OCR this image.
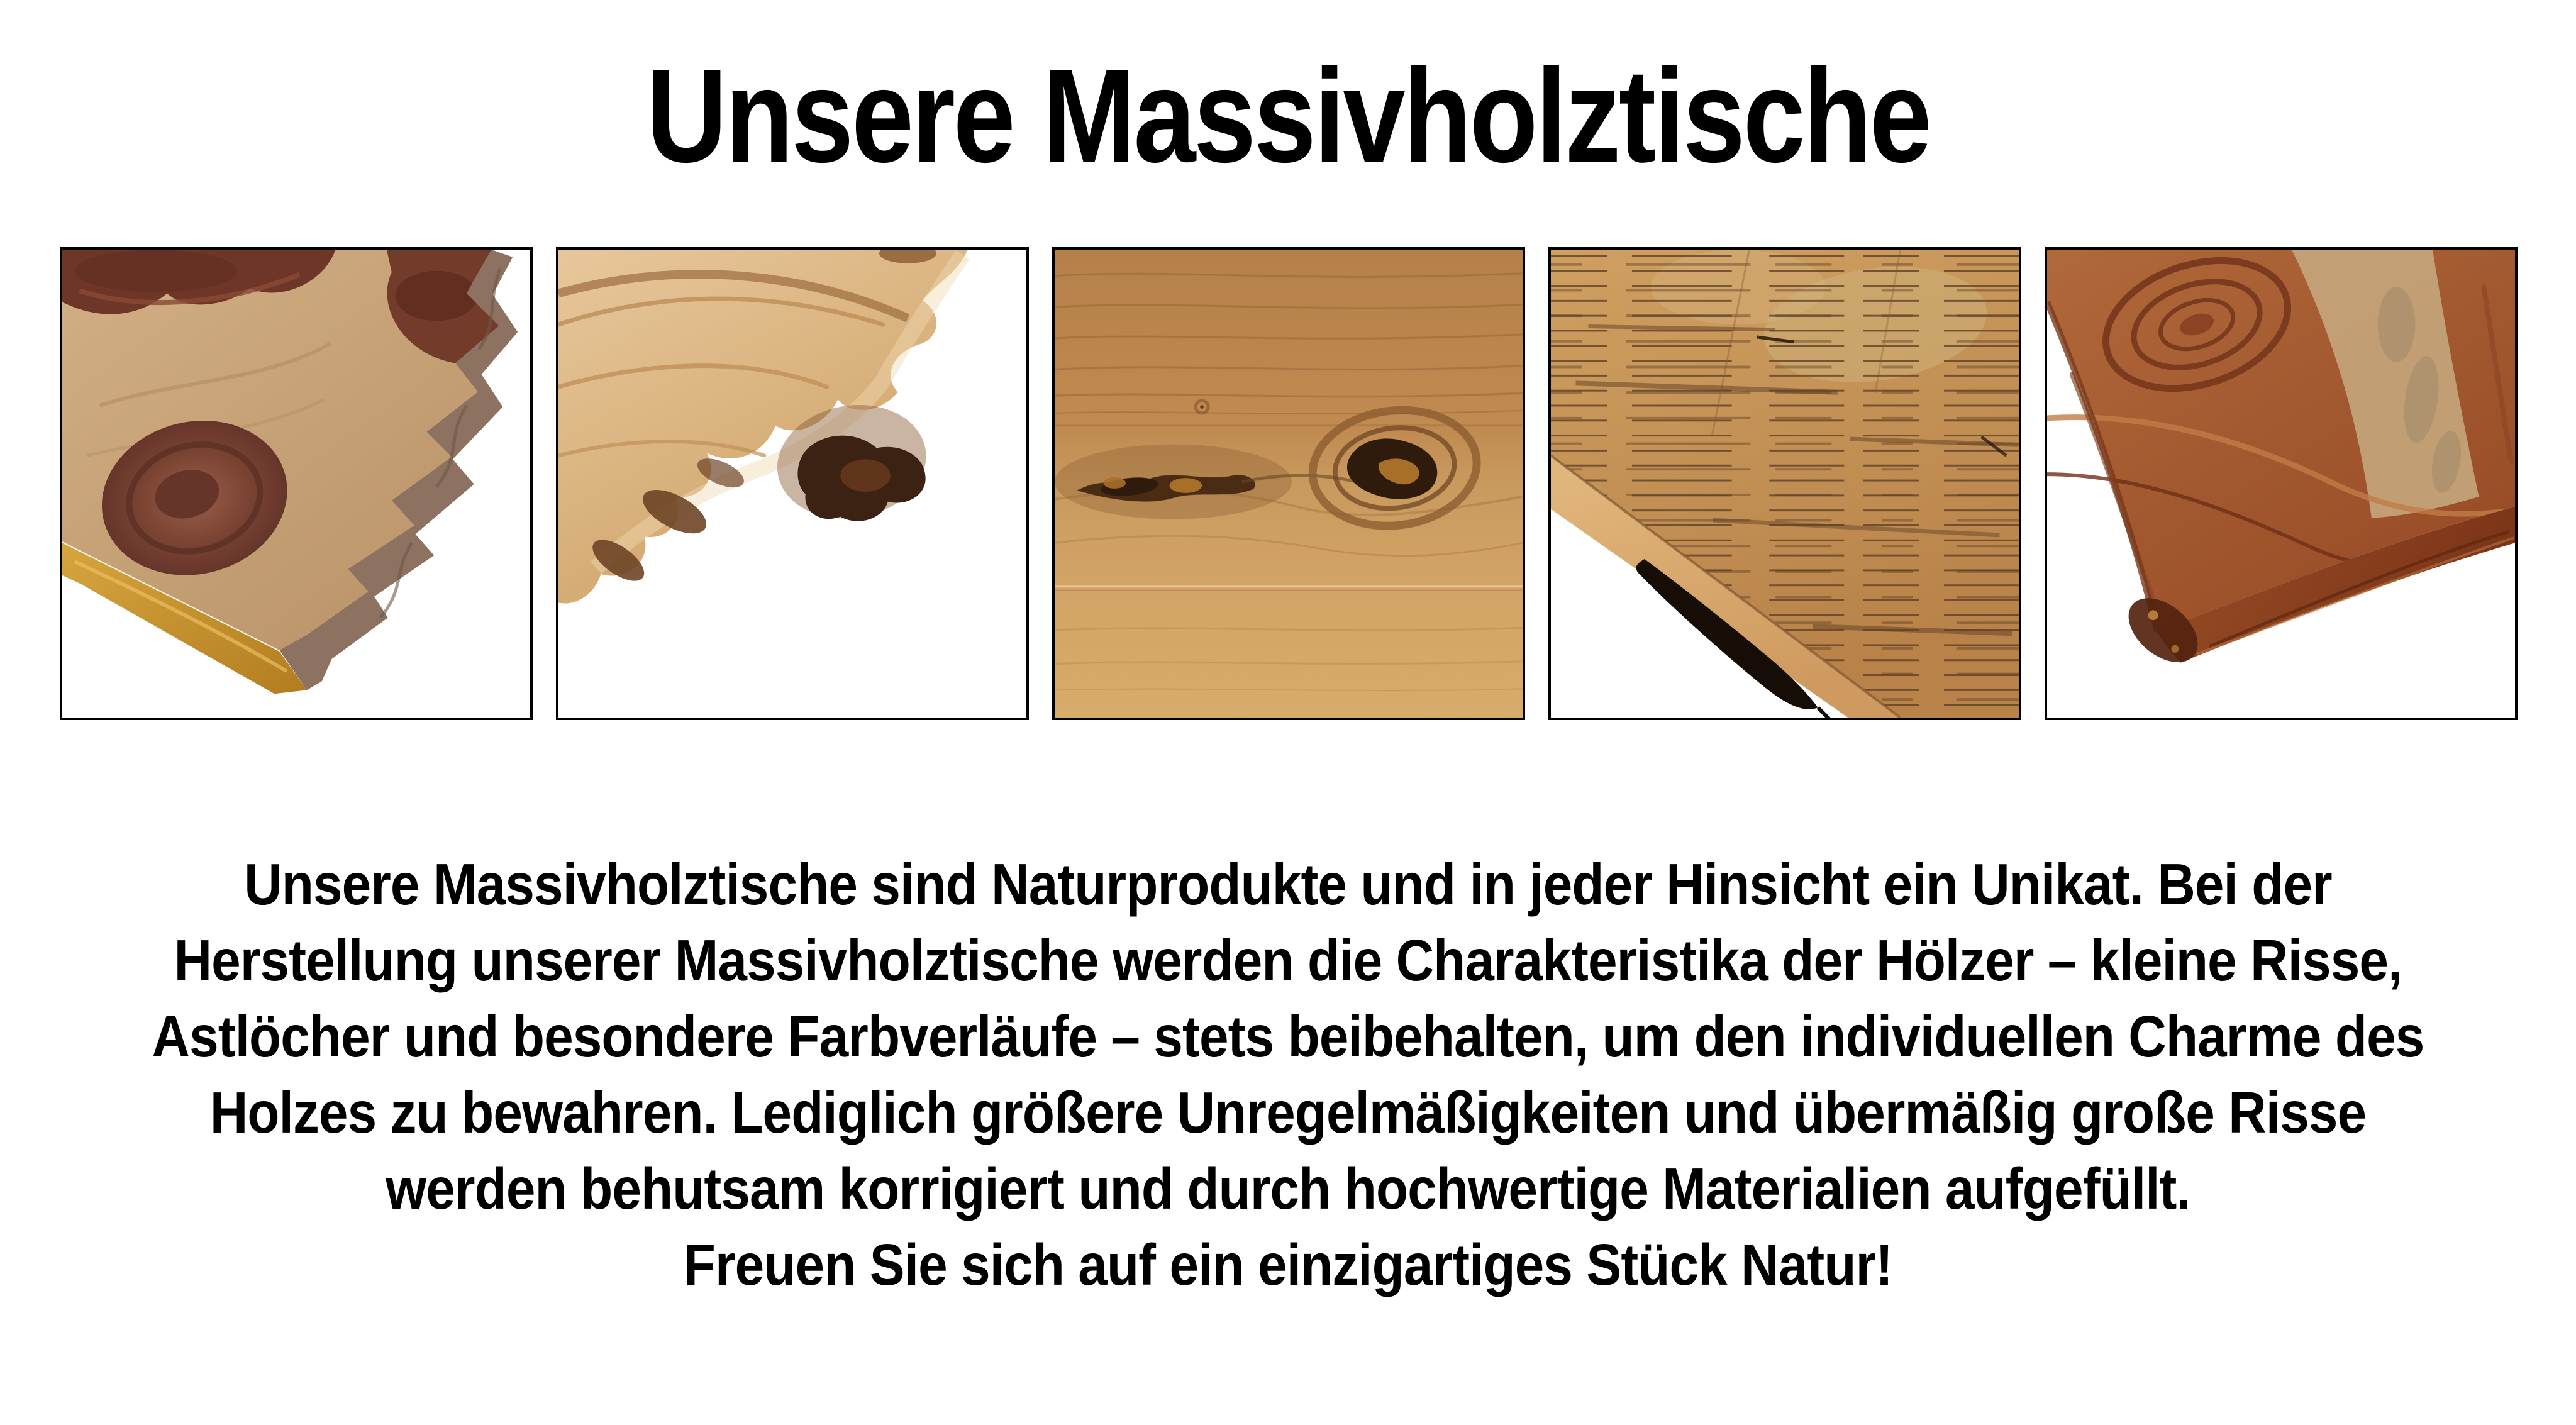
Unsere Massivholztische
Unsere Massivholztische sind Naturprodukte und in jeder Hinsicht ein Unikat. Bei der
Herstellung unserer Massivholztische werden die Charakteristika der Hölzer – kleine Risse,
Astlöcher und besondere Farbverläufe – stets beibehalten, um den individuellen Charme des
Holzes zu bewahren. Lediglich größere Unregelmäßigkeiten und übermäßig große Risse
werden behutsam korrigiert und durch hochwertige Materialien aufgefüllt.
Freuen Sie sich auf ein einzigartiges Stück Natur!
